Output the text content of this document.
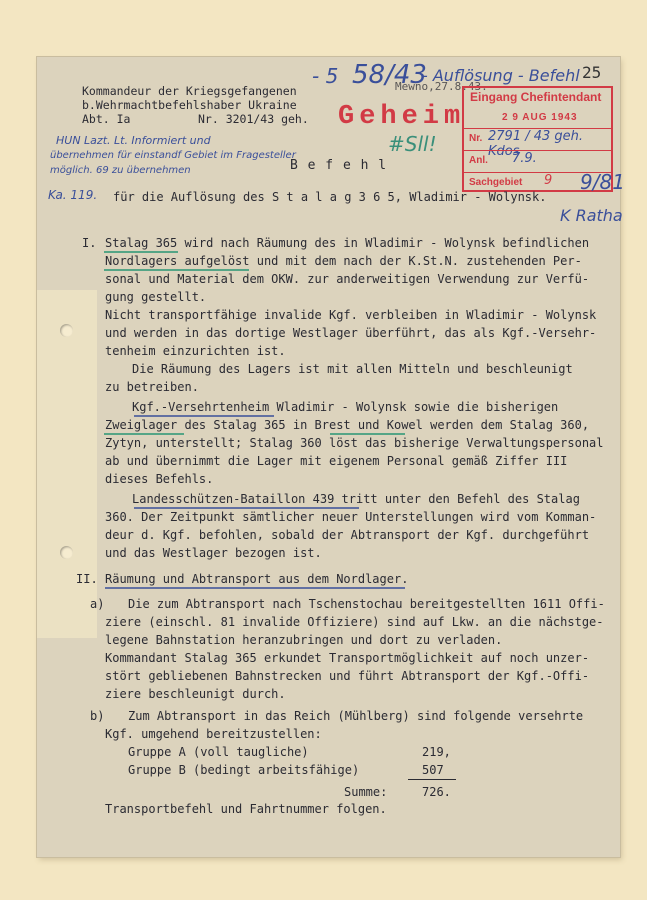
25
- 5 58/43
- Auflösung - Befehl
Kommandeur der Kriegsgefangenen
b.Wehrmachtbefehlshaber Ukraine
Abt. Ia	Nr. 3201/43 geh.
Mewno,27.8.43.
Geheim
Eingang Chefintendant
2 9 AUG 1943
Nr. 2791 / 43 geh. Kdos
Anl. 7.9.
Sachgebiet 9
HUN Lazt. Lt. Informiert und
übernehmen für einstandf Gebiet im Fragesteller
möglich. 69 zu übernehmen
Ka. 119.
#Sll!
9/81
K Ratha
B e f e h l
für die Auflösung des S t a l a g 3 6 5, Wladimir - Wolynsk.
I. Stalag 365 wird nach Räumung des in Wladimir - Wolynsk befindlichen
Nordlagers aufgelöst und mit dem nach der K.St.N. zustehenden Per-
sonal und Material dem OKW. zur anderweitigen Verwendung zur Verfü-
gung gestellt.
Nicht transportfähige invalide Kgf. verbleiben in Wladimir - Wolynsk
und werden in das dortige Westlager überführt, das als Kgf.-Versehr-
tenheim einzurichten ist.
Die Räumung des Lagers ist mit allen Mitteln und beschleunigt
zu betreiben.
Kgf.-Versehrtenheim Wladimir - Wolynsk sowie die bisherigen
Zweiglager des Stalag 365 in Brest und Kowel werden dem Stalag 360,
Zytyn, unterstellt; Stalag 360 löst das bisherige Verwaltungspersonal
ab und übernimmt die Lager mit eigenem Personal gemäß Ziffer III
dieses Befehls.
Landesschützen-Bataillon 439 tritt unter den Befehl des Stalag
360. Der Zeitpunkt sämtlicher neuer Unterstellungen wird vom Komman-
deur d. Kgf. befohlen, sobald der Abtransport der Kgf. durchgeführt
und das Westlager bezogen ist.
II. Räumung und Abtransport aus dem Nordlager.
a) Die zum Abtransport nach Tschenstochau bereitgestellten 1611 Offi-
ziere (einschl. 81 invalide Offiziere) sind auf Lkw. an die nächstge-
legene Bahnstation heranzubringen und dort zu verladen.
Kommandant Stalag 365 erkundet Transportmöglichkeit auf noch unzer-
stört gebliebenen Bahnstrecken und führt Abtransport der Kgf.-Offi-
ziere beschleunigt durch.
b) Zum Abtransport in das Reich (Mühlberg) sind folgende versehrte
Kgf. umgehend bereitzustellen:
Gruppe A (voll taugliche)	219,
Gruppe B (bedingt arbeitsfähige)	507
Summe:	726.
Transportbefehl und Fahrtnummer folgen.
